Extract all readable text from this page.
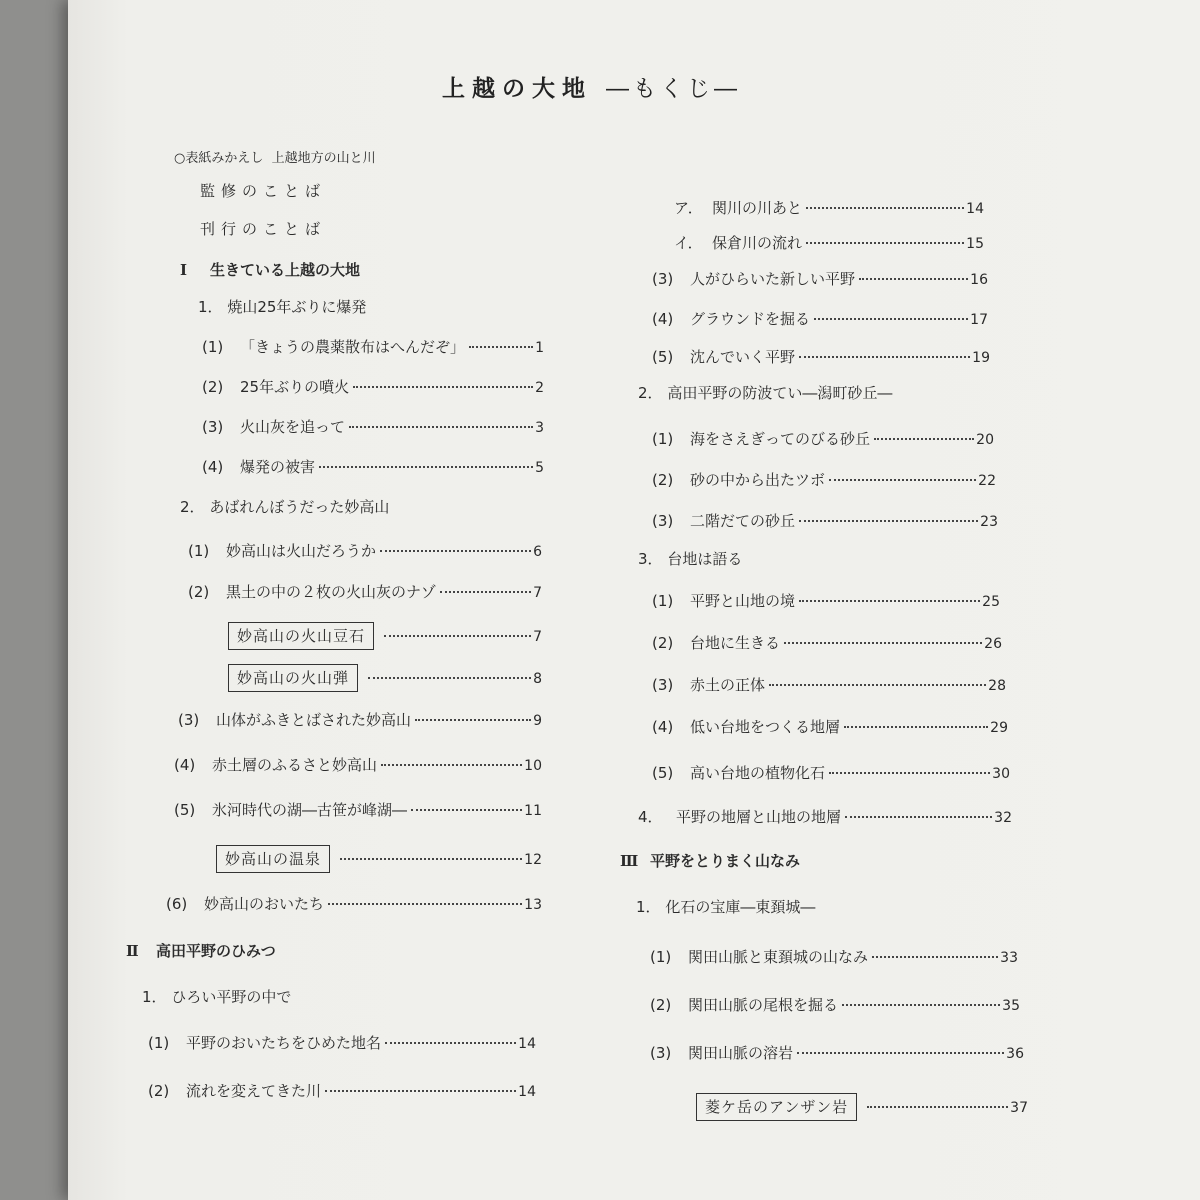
上越の大地 ―もくじ―
○表紙みかえし 上越地方の山と川
監修のことば
刊行のことば
Ⅰ 生きている上越の大地
1． 焼山25年ぶりに爆発
(1)	「きょうの農薬散布はへんだぞ」	1
(2)	25年ぶりの噴火	2
(3)	火山灰を追って	3
(4)	爆発の被害	5
2． あばれんぼうだった妙高山
(1)	妙高山は火山だろうか	6
(2)	黒土の中の２枚の火山灰のナゾ	7
妙高山の火山豆石	7
妙高山の火山弾	8
(3)	山体がふきとばされた妙高山	9
(4)	赤土層のふるさと妙高山	10
(5)	氷河時代の湖―古笹が峰湖―	11
妙高山の温泉	12
(6)	妙高山のおいたち	13
Ⅱ 高田平野のひみつ
1． ひろい平野の中で
(1)	平野のおいたちをひめた地名	14
(2)	流れを変えてきた川	14
ア． 関川の川あと	14
イ． 保倉川の流れ	15
(3)	人がひらいた新しい平野	16
(4)	グラウンドを掘る	17
(5)	沈んでいく平野	19
2． 高田平野の防波てい―潟町砂丘―
(1)	海をさえぎってのびる砂丘	20
(2)	砂の中から出たツボ	22
(3)	二階だての砂丘	23
3． 台地は語る
(1)	平野と山地の境	25
(2)	台地に生きる	26
(3)	赤土の正体	28
(4)	低い台地をつくる地層	29
(5)	高い台地の植物化石	30
4． 平野の地層と山地の地層	32
Ⅲ 平野をとりまく山なみ
1． 化石の宝庫―東頚城―
(1)	関田山脈と東頚城の山なみ	33
(2)	関田山脈の尾根を掘る	35
(3)	関田山脈の溶岩	36
菱ケ岳のアンザン岩	37
